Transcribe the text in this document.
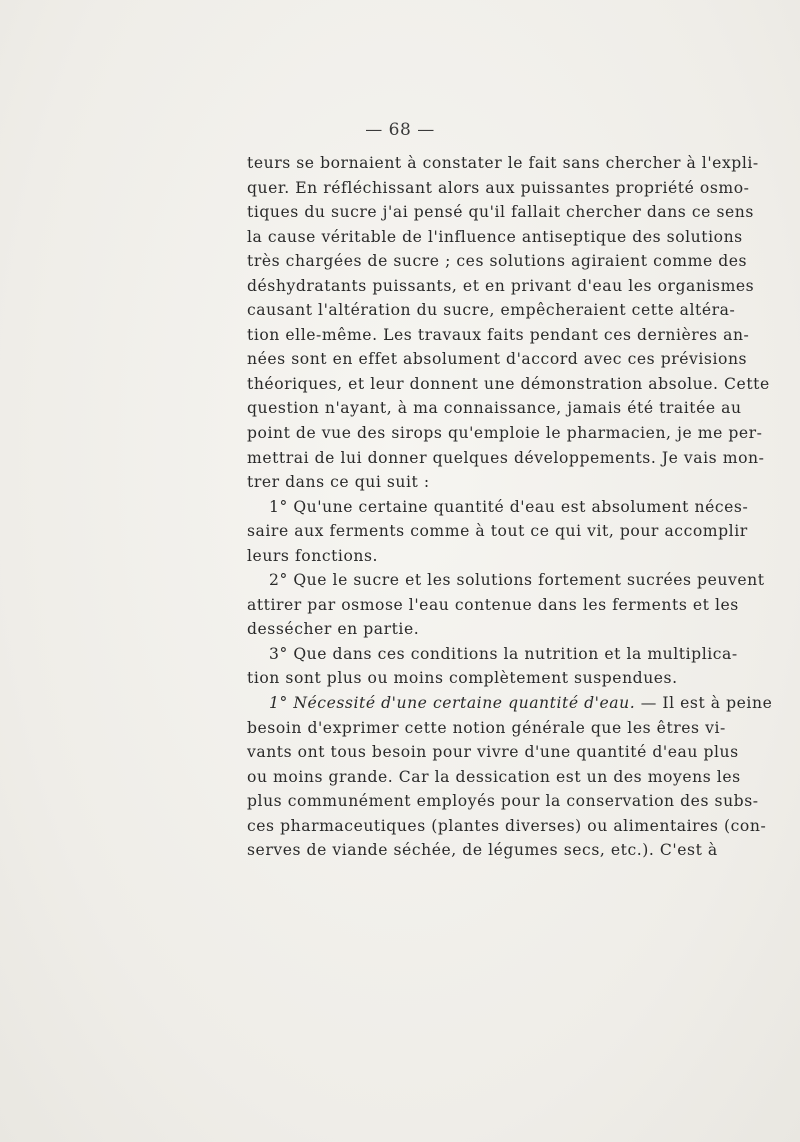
— 68 —
teurs se bornaient à constater le fait sans chercher à l'expli-
quer. En réfléchissant alors aux puissantes propriété osmo-
tiques du sucre j'ai pensé qu'il fallait chercher dans ce sens
la cause véritable de l'influence antiseptique des solutions
très chargées de sucre ; ces solutions agiraient comme des
déshydratants puissants, et en privant d'eau les organismes
causant l'altération du sucre, empêcheraient cette altéra-
tion elle-même. Les travaux faits pendant ces dernières an-
nées sont en effet absolument d'accord avec ces prévisions
théoriques, et leur donnent une démonstration absolue. Cette
question n'ayant, à ma connaissance, jamais été traitée au
point de vue des sirops qu'emploie le pharmacien, je me per-
mettrai de lui donner quelques développements. Je vais mon-
trer dans ce qui suit :
1° Qu'une certaine quantité d'eau est absolument néces-
saire aux ferments comme à tout ce qui vit, pour accomplir
leurs fonctions.
2° Que le sucre et les solutions fortement sucrées peuvent
attirer par osmose l'eau contenue dans les ferments et les
dessécher en partie.
3° Que dans ces conditions la nutrition et la multiplica-
tion sont plus ou moins complètement suspendues.
1° Nécessité d'une certaine quantité d'eau. — Il est à peine
besoin d'exprimer cette notion générale que les êtres vi-
vants ont tous besoin pour vivre d'une quantité d'eau plus
ou moins grande. Car la dessication est un des moyens les
plus communément employés pour la conservation des subs-
ces pharmaceutiques (plantes diverses) ou alimentaires (con-
serves de viande séchée, de légumes secs, etc.). C'est à
